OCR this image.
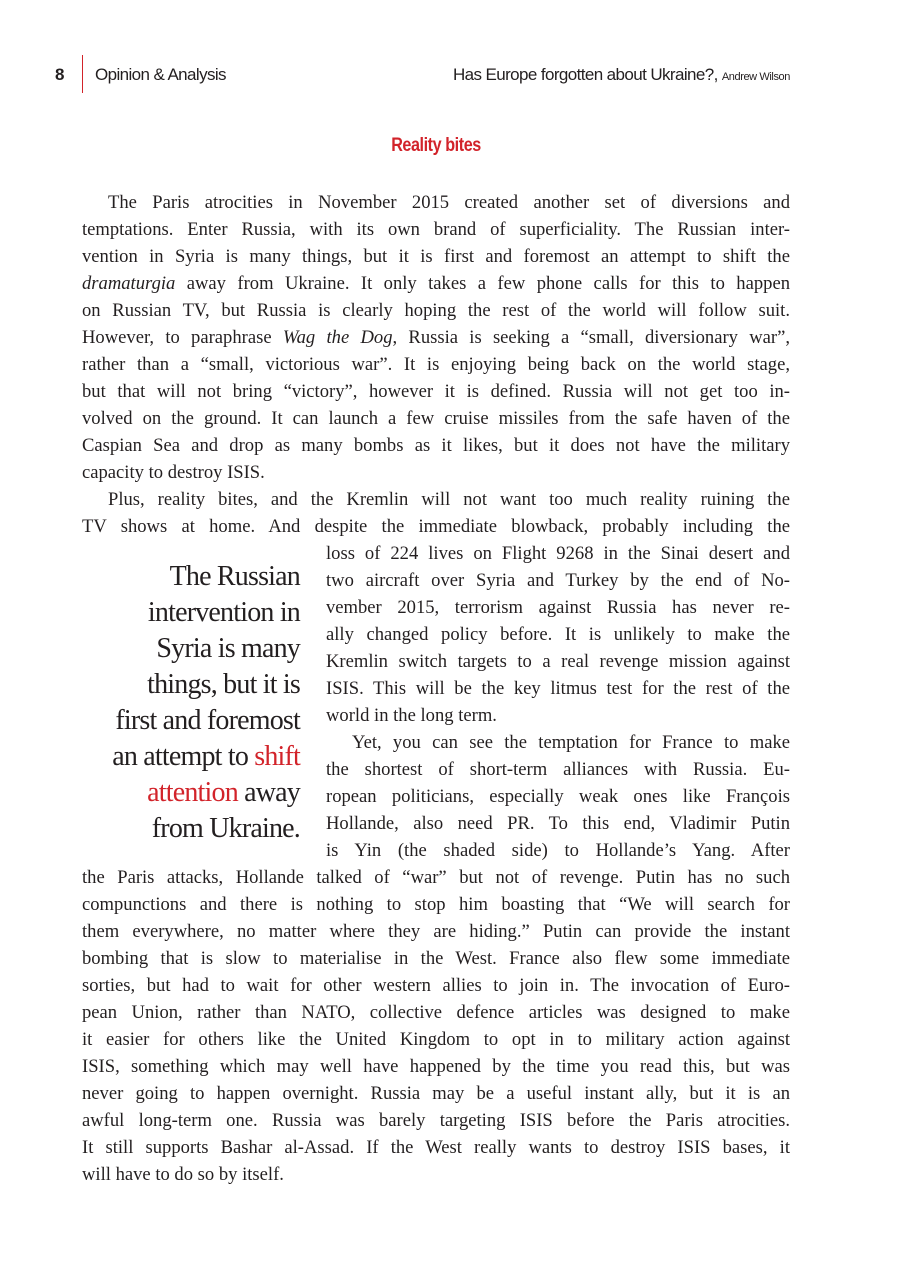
8 Opinion & Analysis	Has Europe forgotten about Ukraine?, Andrew Wilson
Reality bites
The Russian
intervention in
Syria is many
things, but it is
first and foremost
an attempt to shift
attention away
from Ukraine.
The Paris atrocities in November 2015 created another set of diversions and
temptations. Enter Russia, with its own brand of superficiality. The Russian inter-
vention in Syria is many things, but it is first and foremost an attempt to shift the
dramaturgia away from Ukraine. It only takes a few phone calls for this to happen
on Russian TV, but Russia is clearly hoping the rest of the world will follow suit.
However, to paraphrase Wag the Dog, Russia is seeking a “small, diversionary war”,
rather than a “small, victorious war”. It is enjoying being back on the world stage,
but that will not bring “victory”, however it is defined. Russia will not get too in-
volved on the ground. It can launch a few cruise missiles from the safe haven of the
Caspian Sea and drop as many bombs as it likes, but it does not have the military
capacity to destroy ISIS.
Plus, reality bites, and the Kremlin will not want too much reality ruining the
TV shows at home. And despite the immediate blowback, probably including the
loss of 224 lives on Flight 9268 in the Sinai desert and
two aircraft over Syria and Turkey by the end of No-
vember 2015, terrorism against Russia has never re-
ally changed policy before. It is unlikely to make the
Kremlin switch targets to a real revenge mission against
ISIS. This will be the key litmus test for the rest of the
world in the long term.
Yet, you can see the temptation for France to make
the shortest of short-term alliances with Russia. Eu-
ropean politicians, especially weak ones like François
Hollande, also need PR. To this end, Vladimir Putin
is Yin (the shaded side) to Hollande’s Yang. After
the Paris attacks, Hollande talked of “war” but not of revenge. Putin has no such
compunctions and there is nothing to stop him boasting that “We will search for
them everywhere, no matter where they are hiding.” Putin can provide the instant
bombing that is slow to materialise in the West. France also flew some immediate
sorties, but had to wait for other western allies to join in. The invocation of Euro-
pean Union, rather than NATO, collective defence articles was designed to make
it easier for others like the United Kingdom to opt in to military action against
ISIS, something which may well have happened by the time you read this, but was
never going to happen overnight. Russia may be a useful instant ally, but it is an
awful long-term one. Russia was barely targeting ISIS before the Paris atrocities.
It still supports Bashar al-Assad. If the West really wants to destroy ISIS bases, it
will have to do so by itself.
